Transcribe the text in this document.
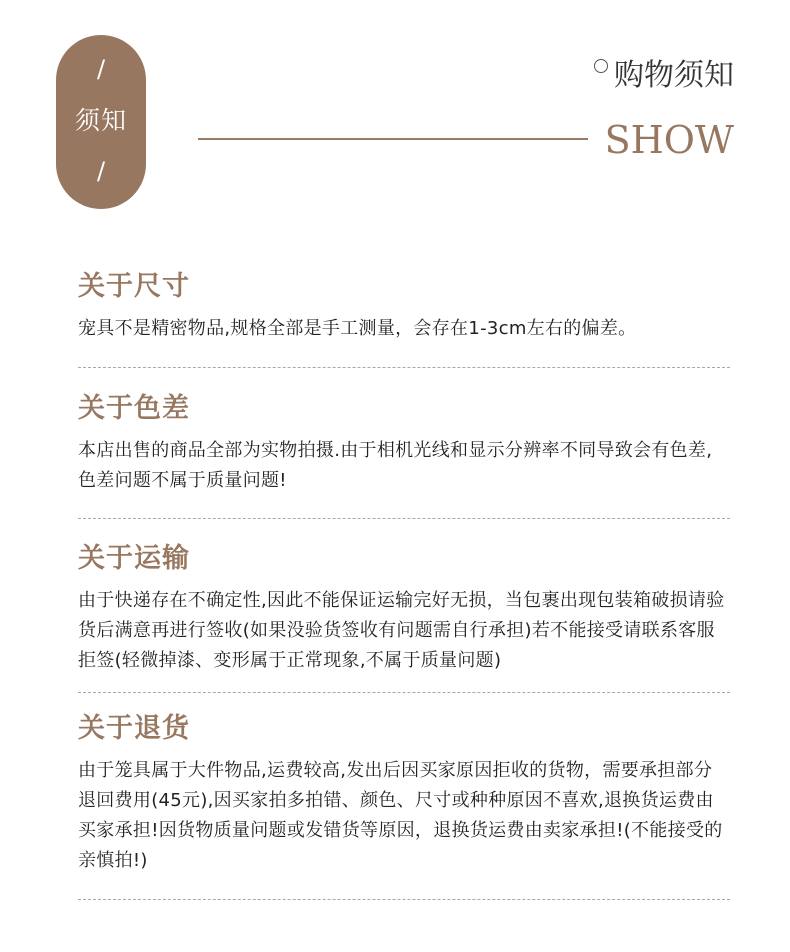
/
须知
/
购物须知
SHOW
关于尺寸
宠具不是精密物品,规格全部是手工测量，会存在1-3cm左右的偏差。
关于色差
本店出售的商品全部为实物拍摄.由于相机光线和显示分辨率不同导致会有色差,色差问题不属于质量问题!
关于运输
由于快递存在不确定性,因此不能保证运输完好无损，当包裹出现包装箱破损请验货后满意再进行签收(如果没验货签收有问题需自行承担)若不能接受请联系客服拒签(轻微掉漆、变形属于正常现象,不属于质量问题)
关于退货
由于笼具属于大件物品,运费较高,发出后因买家原因拒收的货物，需要承担部分退回费用(45元),因买家拍多拍错、颜色、尺寸或种种原因不喜欢,退换货运费由买家承担!因货物质量问题或发错货等原因，退换货运费由卖家承担!(不能接受的亲慎拍!)
